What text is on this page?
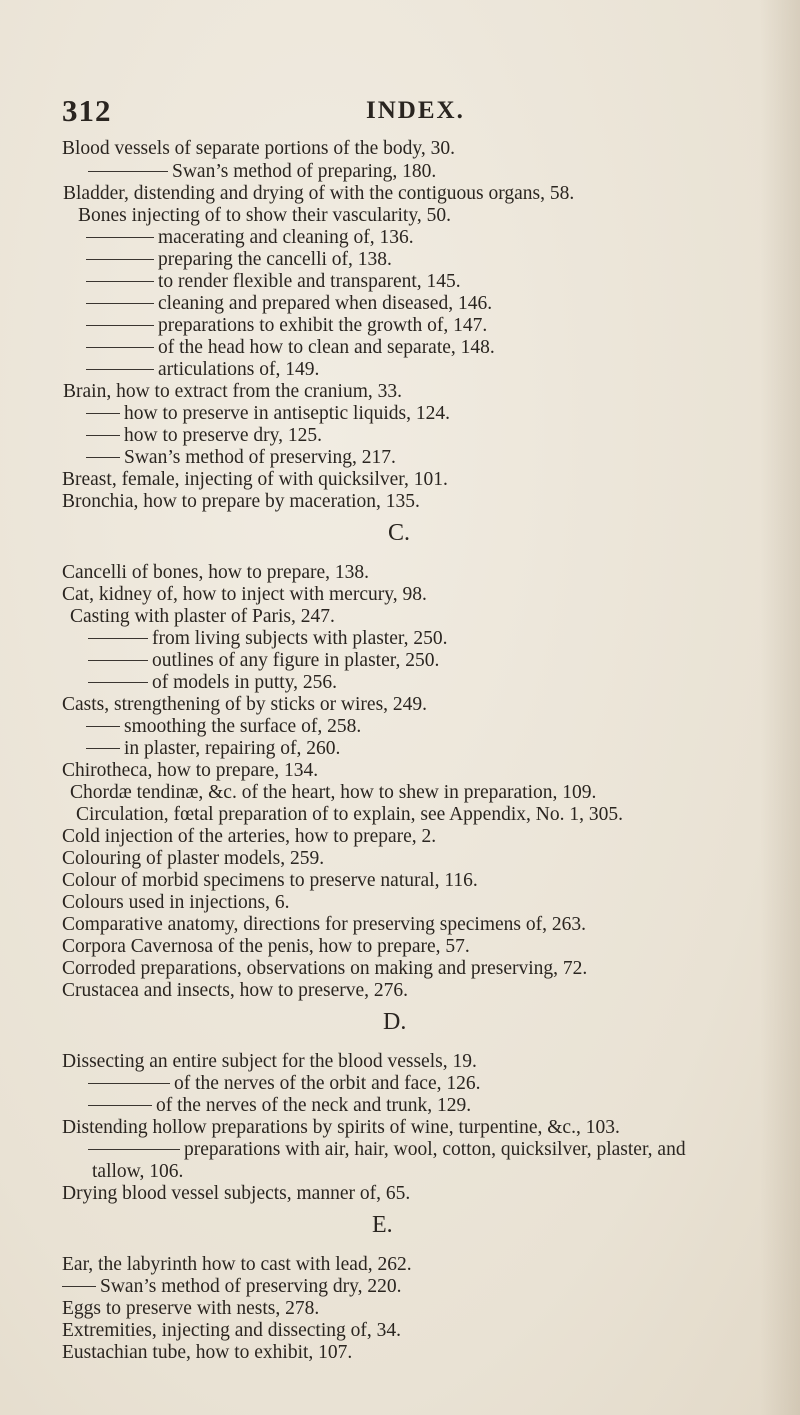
312	INDEX.
Blood vessels of separate portions of the body, 30.
Swan’s method of preparing, 180.
Bladder, distending and drying of with the contiguous organs, 58.
Bones injecting of to show their vascularity, 50.
macerating and cleaning of, 136.
preparing the cancelli of, 138.
to render flexible and transparent, 145.
cleaning and prepared when diseased, 146.
preparations to exhibit the growth of, 147.
of the head how to clean and separate, 148.
articulations of, 149.
Brain, how to extract from the cranium, 33.
how to preserve in antiseptic liquids, 124.
how to preserve dry, 125.
Swan’s method of preserving, 217.
Breast, female, injecting of with quicksilver, 101.
Bronchia, how to prepare by maceration, 135.
C.
Cancelli of bones, how to prepare, 138.
Cat, kidney of, how to inject with mercury, 98.
Casting with plaster of Paris, 247.
from living subjects with plaster, 250.
outlines of any figure in plaster, 250.
of models in putty, 256.
Casts, strengthening of by sticks or wires, 249.
smoothing the surface of, 258.
in plaster, repairing of, 260.
Chirotheca, how to prepare, 134.
Chordæ tendinæ, &c. of the heart, how to shew in preparation, 109.
Circulation, fœtal preparation of to explain, see Appendix, No. 1, 305.
Cold injection of the arteries, how to prepare, 2.
Colouring of plaster models, 259.
Colour of morbid specimens to preserve natural, 116.
Colours used in injections, 6.
Comparative anatomy, directions for preserving specimens of, 263.
Corpora Cavernosa of the penis, how to prepare, 57.
Corroded preparations, observations on making and preserving, 72.
Crustacea and insects, how to preserve, 276.
D.
Dissecting an entire subject for the blood vessels, 19.
of the nerves of the orbit and face, 126.
of the nerves of the neck and trunk, 129.
Distending hollow preparations by spirits of wine, turpentine, &c., 103.
preparations with air, hair, wool, cotton, quicksilver, plaster, and
tallow, 106.
Drying blood vessel subjects, manner of, 65.
E.
Ear, the labyrinth how to cast with lead, 262.
Swan’s method of preserving dry, 220.
Eggs to preserve with nests, 278.
Extremities, injecting and dissecting of, 34.
Eustachian tube, how to exhibit, 107.
